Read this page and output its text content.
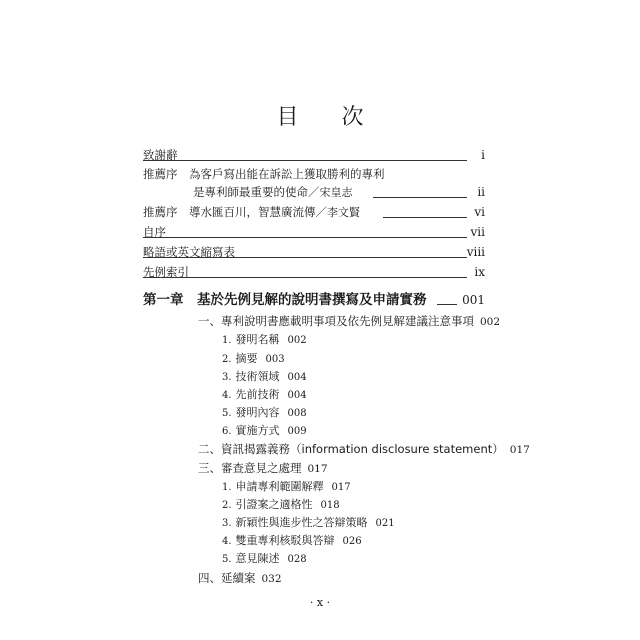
目 次
致謝辭	i
推薦序　為客戶寫出能在訴訟上獲取勝利的專利
是專利師最重要的使命／宋皇志	ii
推薦序　導水匯百川，智慧廣流傳／李文賢	vi
自序	vii
略語或英文縮寫表	viii
先例索引	ix
第一章　基於先例見解的說明書撰寫及申請實務	001
一、專利說明書應載明事項及依先例見解建議注意事項 002
1. 發明名稱 002
2. 摘要 003
3. 技術領域 004
4. 先前技術 004
5. 發明內容 008
6. 實施方式 009
二、資訊揭露義務（information disclosure statement） 017
三、審查意見之處理 017
1. 申請專利範圍解釋 017
2. 引證案之適格性 018
3. 新穎性與進步性之答辯策略 021
4. 雙重專利核駁與答辯 026
5. 意見陳述 028
四、延續案 032
· x ·
